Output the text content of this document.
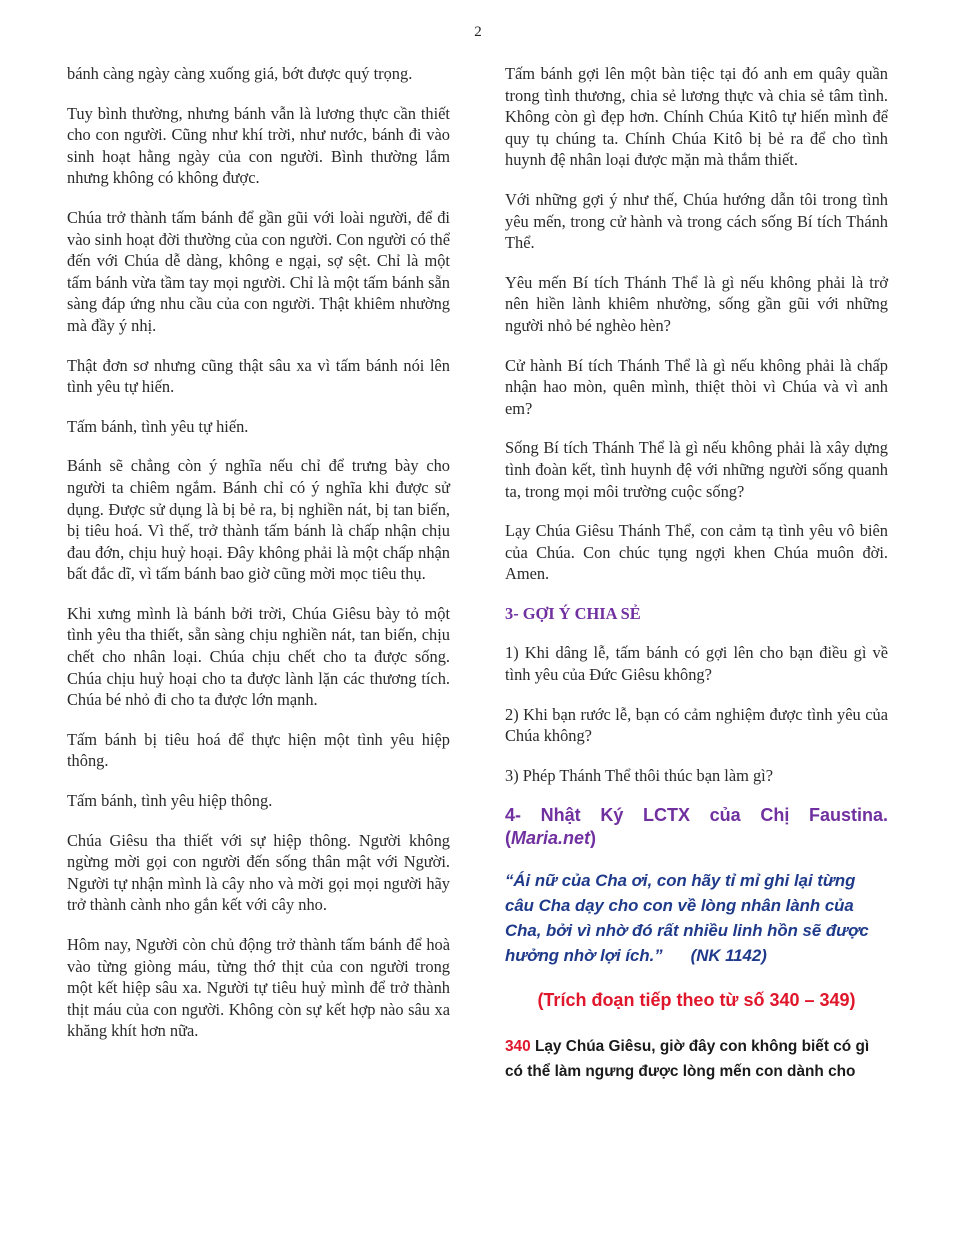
2

bánh càng ngày càng xuống giá, bớt được quý trọng.

Tuy bình thường, nhưng bánh vẫn là lương thực cần thiết cho con người. Cũng như khí trời, như nước, bánh đi vào sinh hoạt hằng ngày của con người. Bình thường lắm nhưng không có không được.

Chúa trở thành tấm bánh để gần gũi với loài người, để đi vào sinh hoạt đời thường của con người. Con người có thể đến với Chúa dễ dàng, không e ngại, sợ sệt. Chỉ là một tấm bánh vừa tầm tay mọi người. Chỉ là một tấm bánh sẵn sàng đáp ứng nhu cầu của con người. Thật khiêm nhường mà đầy ý nhị.

Thật đơn sơ nhưng cũng thật sâu xa vì tấm bánh nói lên tình yêu tự hiến.

Tấm bánh, tình yêu tự hiến.

Bánh sẽ chẳng còn ý nghĩa nếu chỉ để trưng bày cho người ta chiêm ngắm. Bánh chỉ có ý nghĩa khi được sử dụng. Được sử dụng là bị bẻ ra, bị nghiền nát, bị tan biến, bị tiêu hoá. Vì thế, trở thành tấm bánh là chấp nhận chịu đau đớn, chịu huỷ hoại. Đây không phải là một chấp nhận bất đắc dĩ, vì tấm bánh bao giờ cũng mời mọc tiêu thụ.

Khi xưng mình là bánh bởi trời, Chúa Giêsu bày tỏ một tình yêu tha thiết, sẵn sàng chịu nghiền nát, tan biến, chịu chết cho nhân loại. Chúa chịu chết cho ta được sống. Chúa chịu huỷ hoại cho ta được lành lặn các thương tích. Chúa bé nhỏ đi cho ta được lớn mạnh.

Tấm bánh bị tiêu hoá để thực hiện một tình yêu hiệp thông.

Tấm bánh, tình yêu hiệp thông.

Chúa Giêsu tha thiết với sự hiệp thông. Người không ngừng mời gọi con người đến sống thân mật với Người. Người tự nhận mình là cây nho và mời gọi mọi người hãy trở thành cành nho gắn kết với cây nho.

Hôm nay, Người còn chủ động trở thành tấm bánh để hoà vào từng giòng máu, từng thớ thịt của con người trong một kết hiệp sâu xa. Người tự tiêu huỷ mình để trở thành thịt máu của con người. Không còn sự kết hợp nào sâu xa khăng khít hơn nữa.

Tấm bánh gợi lên một bàn tiệc tại đó anh em quây quần trong tình thương, chia sẻ lương thực và chia sẻ tâm tình. Không còn gì đẹp hơn. Chính Chúa Kitô tự hiến mình để quy tụ chúng ta. Chính Chúa Kitô bị bẻ ra để cho tình huynh đệ nhân loại được mặn mà thắm thiết.

Với những gợi ý như thế, Chúa hướng dẫn tôi trong tình yêu mến, trong cử hành và trong cách sống Bí tích Thánh Thể.

Yêu mến Bí tích Thánh Thể là gì nếu không phải là trở nên hiền lành khiêm nhường, sống gần gũi với những người nhỏ bé nghèo hèn?

Cử hành Bí tích Thánh Thể là gì nếu không phải là chấp nhận hao mòn, quên mình, thiệt thòi vì Chúa và vì anh em?

Sống Bí tích Thánh Thể là gì nếu không phải là xây dựng tình đoàn kết, tình huynh đệ với những người sống quanh ta, trong mọi môi trường cuộc sống?

Lạy Chúa Giêsu Thánh Thể, con cảm tạ tình yêu vô biên của Chúa. Con chúc tụng ngợi khen Chúa muôn đời. Amen.

3- GỢI Ý CHIA SẺ

1) Khi dâng lễ, tấm bánh có gợi lên cho bạn điều gì về tình yêu của Đức Giêsu không?

2) Khi bạn rước lễ, bạn có cảm nghiệm được tình yêu của Chúa không?

3) Phép Thánh Thể thôi thúc bạn làm gì?

4- Nhật Ký LCTX của Chị Faustina. (Maria.net)
“Ái nữ của Cha ơi, con hãy tỉ mỉ ghi lại từng câu Cha dạy cho con về lòng nhân lành của Cha, bởi vì nhờ đó rất nhiều linh hồn sẽ được hưởng nhờ lợi ích.” (NK 1142)
(Trích đoạn tiếp theo từ số 340 – 349)

340 Lạy Chúa Giêsu, giờ đây con không biết có gì có thể làm ngưng được lòng mến con dành cho
